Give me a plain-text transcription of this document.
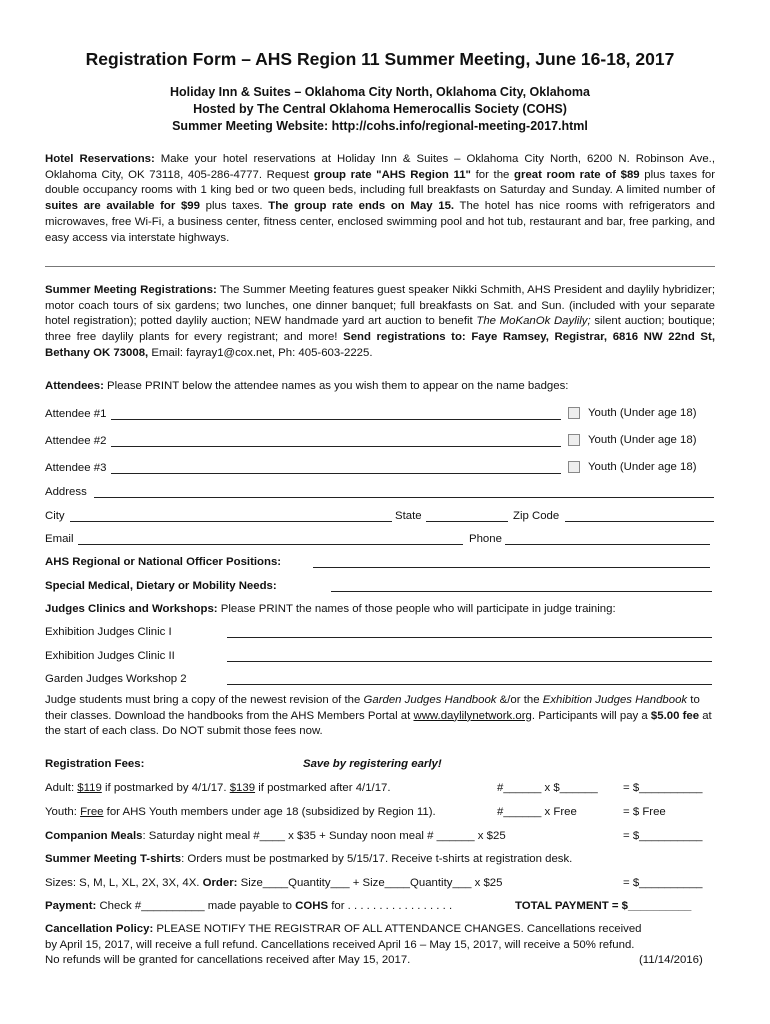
Registration Form – AHS Region 11 Summer Meeting, June 16-18, 2017
Holiday Inn & Suites – Oklahoma City North, Oklahoma City, Oklahoma
Hosted by The Central Oklahoma Hemerocallis Society (COHS)
Summer Meeting Website: http://cohs.info/regional-meeting-2017.html
Hotel Reservations: Make your hotel reservations at Holiday Inn & Suites – Oklahoma City North, 6200 N. Robinson Ave., Oklahoma City, OK 73118, 405-286-4777. Request group rate "AHS Region 11" for the great room rate of $89 plus taxes for double occupancy rooms with 1 king bed or two queen beds, including full breakfasts on Saturday and Sunday. A limited number of suites are available for $99 plus taxes. The group rate ends on May 15. The hotel has nice rooms with refrigerators and microwaves, free Wi-Fi, a business center, fitness center, enclosed swimming pool and hot tub, restaurant and bar, free parking, and easy access via interstate highways.
Summer Meeting Registrations: The Summer Meeting features guest speaker Nikki Schmith, AHS President and daylily hybridizer; motor coach tours of six gardens; two lunches, one dinner banquet; full breakfasts on Sat. and Sun. (included with your separate hotel registration); potted daylily auction; NEW handmade yard art auction to benefit The MoKanOk Daylily; silent auction; boutique; three free daylily plants for every registrant; and more! Send registrations to: Faye Ramsey, Registrar, 6816 NW 22nd St, Bethany OK 73008, Email: fayray1@cox.net, Ph: 405-603-2225.
Attendees: Please PRINT below the attendee names as you wish them to appear on the name badges:
Attendee #1	Youth (Under age 18)
Attendee #2	Youth (Under age 18)
Attendee #3	Youth (Under age 18)
Address
City	State	Zip Code
Email	Phone
AHS Regional or National Officer Positions:
Special Medical, Dietary or Mobility Needs:
Judges Clinics and Workshops: Please PRINT the names of those people who will participate in judge training:
Exhibition Judges Clinic I
Exhibition Judges Clinic II
Garden Judges Workshop 2
Judge students must bring a copy of the newest revision of the Garden Judges Handbook &/or the Exhibition Judges Handbook to their classes. Download the handbooks from the AHS Members Portal at www.daylilynetwork.org. Participants will pay a $5.00 fee at the start of each class. Do NOT submit those fees now.
Registration Fees:	Save by registering early!
Adult: $119 if postmarked by 4/1/17. $139 if postmarked after 4/1/17.	#______ x $______ = $__________
Youth: Free for AHS Youth members under age 18 (subsidized by Region 11).	#______ x Free	= $ Free
Companion Meals: Saturday night meal #____ x $35 + Sunday noon meal # ______ x $25	= $__________
Summer Meeting T-shirts: Orders must be postmarked by 5/15/17. Receive t-shirts at registration desk.
Sizes: S, M, L, XL, 2X, 3X, 4X. Order: Size____Quantity___ + Size____Quantity___ x $25	= $__________
Payment: Check #__________ made payable to COHS for . . . . . . . . . . . . . . . . .	TOTAL PAYMENT = $__________
Cancellation Policy: PLEASE NOTIFY THE REGISTRAR OF ALL ATTENDANCE CHANGES. Cancellations received
by April 15, 2017, will receive a full refund. Cancellations received April 16 – May 15, 2017, will receive a 50% refund.
No refunds will be granted for cancellations received after May 15, 2017.	(11/14/2016)
